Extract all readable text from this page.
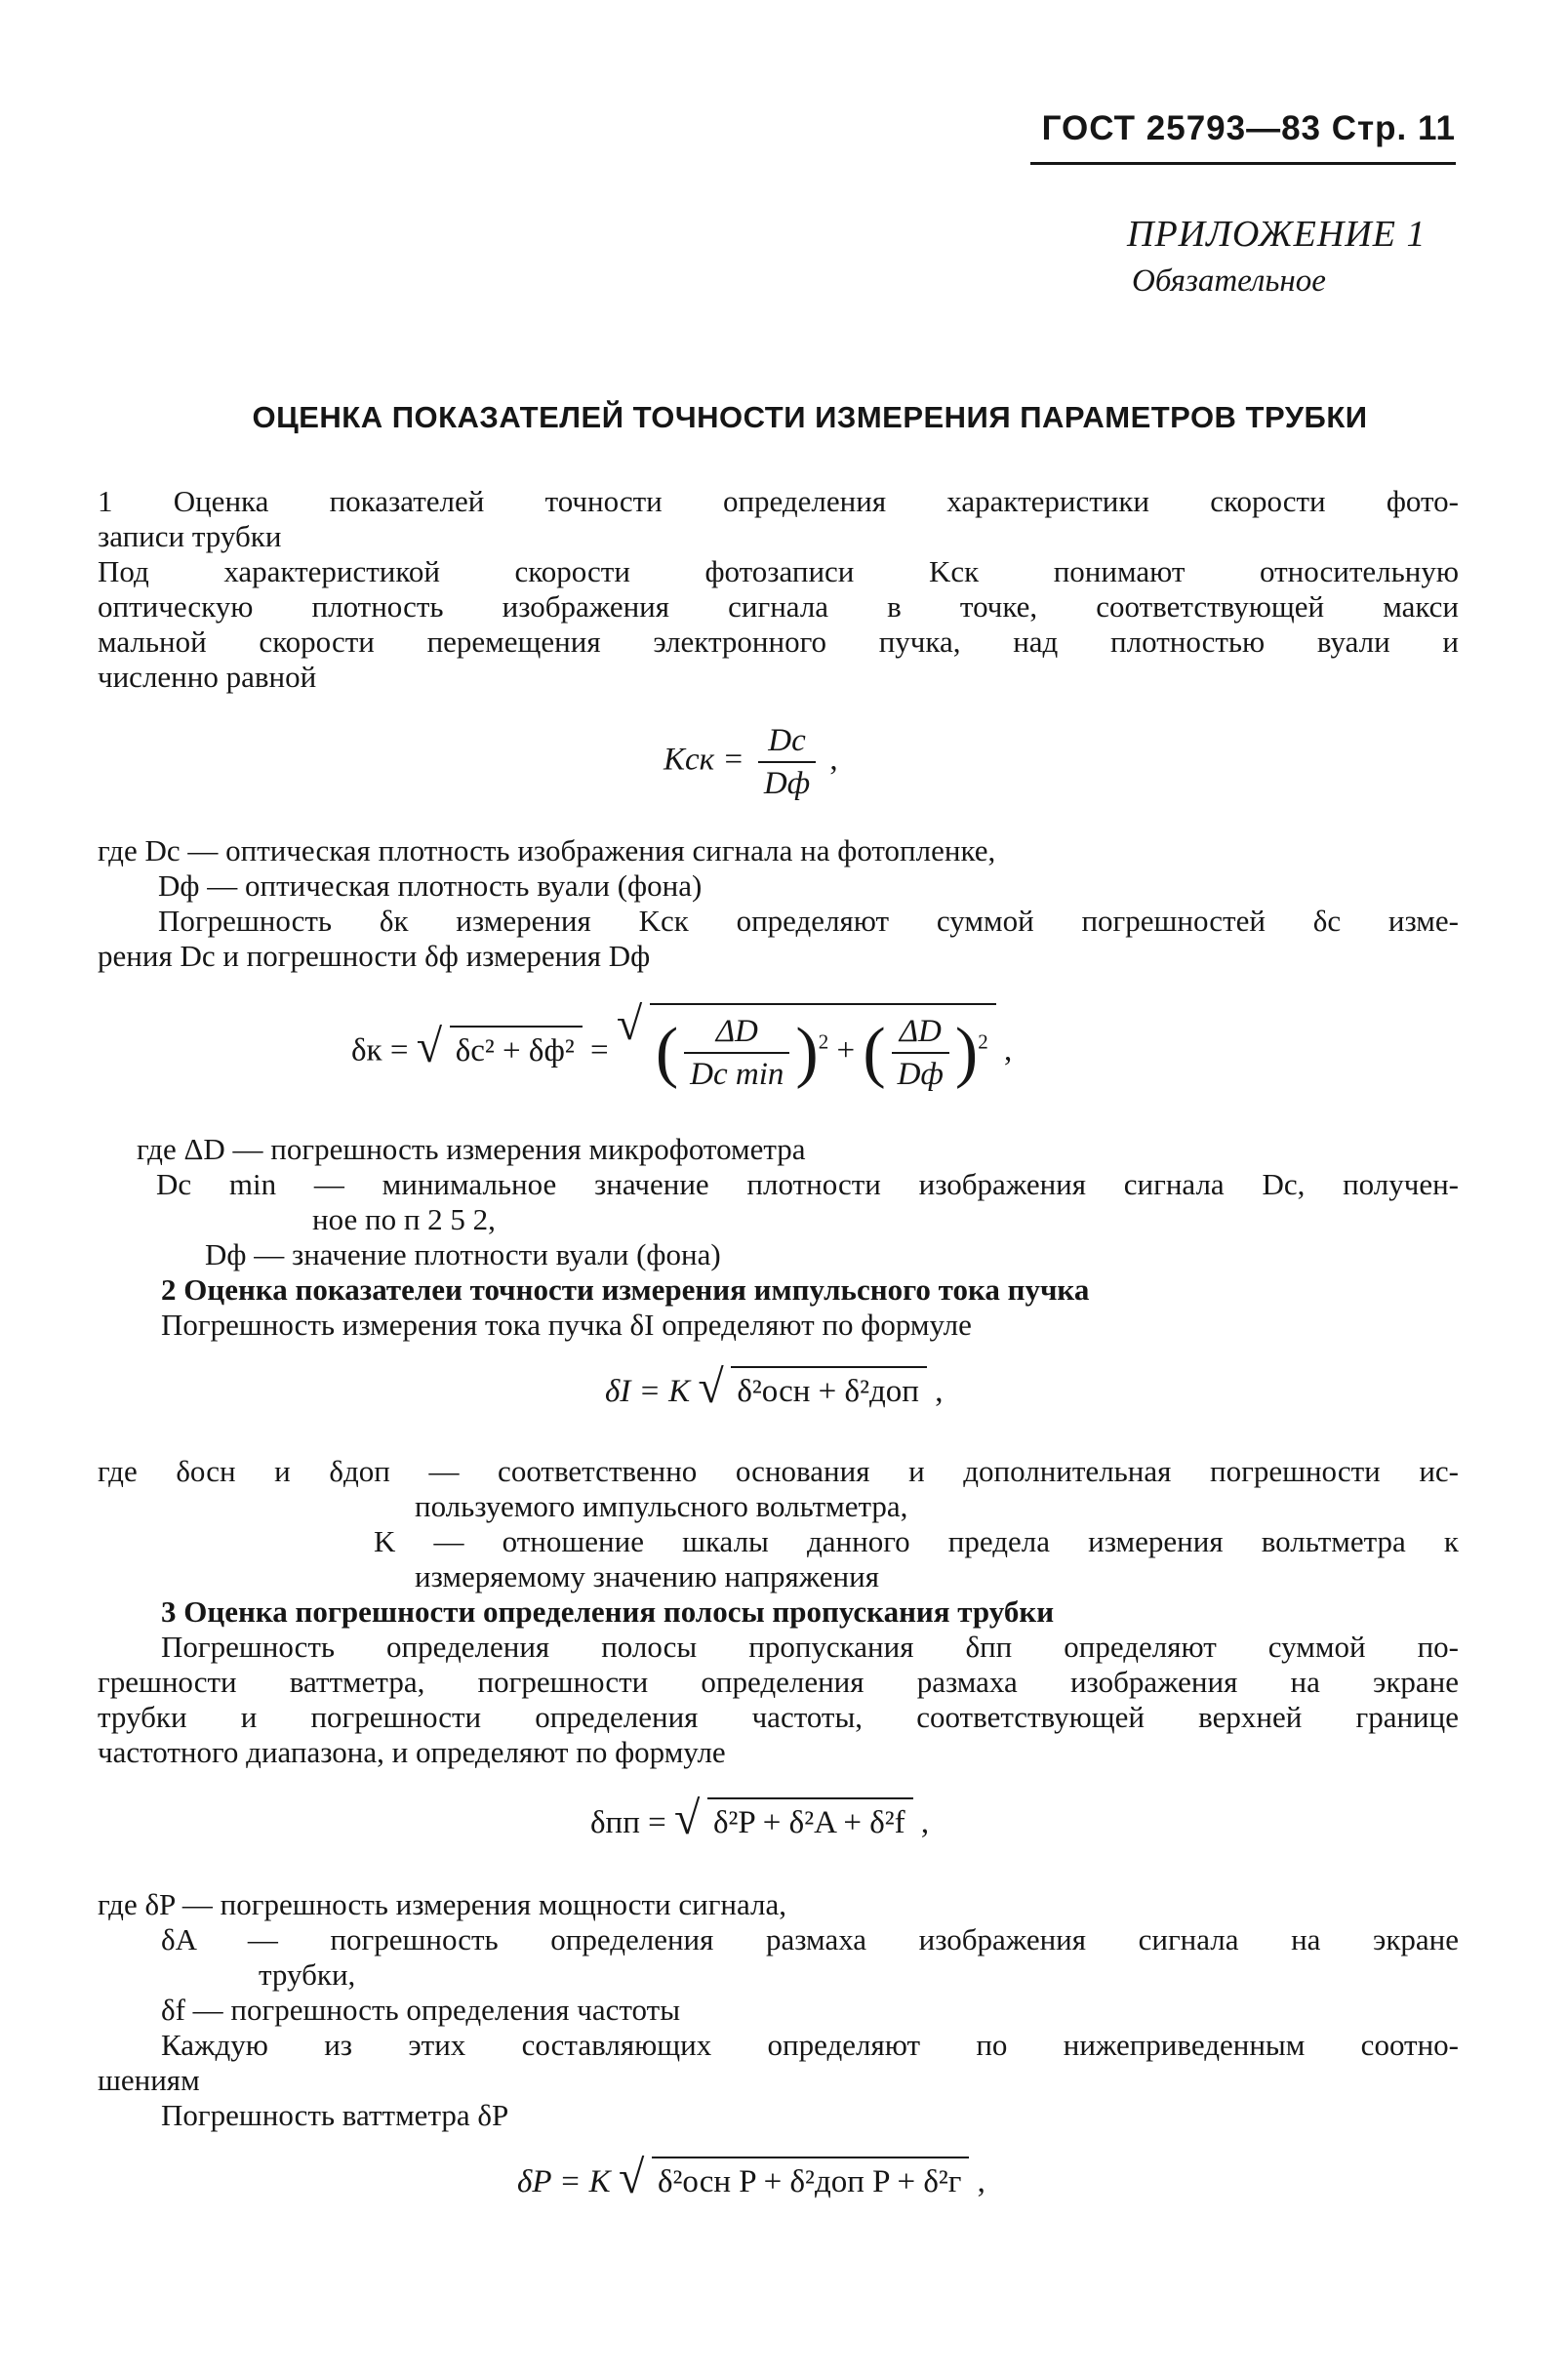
ГОСТ 25793—83 Стр. 11
ПРИЛОЖЕНИЕ 1
Обязательное
ОЦЕНКА ПОКАЗАТЕЛЕЙ ТОЧНОСТИ ИЗМЕРЕНИЯ ПАРАМЕТРОВ ТРУБКИ
1 Оценка показателей точности определения характеристики скорости фото-
записи трубки
Под характеристикой скорости фотозаписи Kск понимают относительную
оптическую плотность изображения сигнала в точке, соответствующей макси
мальной скорости перемещения электронного пучка, над плотностью вуали и
численно равной
Kск = $\frac{Dс}{Dф}$ ,
где Dс — оптическая плотность изображения сигнала на фотопленке,
Dф — оптическая плотность вуали (фона)
Погрешность δк измерения Kск определяют суммой погрешностей δс изме-
рения Dс и погрешности δф измерения Dф
δк = √ δс² + δф² =
√ ( $\frac{\Delta D}{\text{Dc min}} )^2$ + ( $\frac{\Delta D}{Dф} )^2$ ,
где ΔD — погрешность измерения микрофотометра
Dc min — минимальное значение плотности изображения сигнала Dс, получен-
ное по п 2 5 2,
Dф — значение плотности вуали (фона)
2 Оценка показателеи точности измерения импульсного тока пучка
Погрешность измерения тока пучка δI определяют по формуле
δI = K √ δ²осн + δ²доп ,
где δосн и δдоп — соответственно основания и дополнительная погрешности ис-
пользуемого импульсного вольтметра,
K — отношение шкалы данного предела измерения вольтметра к
измеряемому значению напряжения
3 Оценка погрешности определения полосы пропускания трубки
Погрешность определения полосы пропускания δпп определяют суммой по-
грешности ваттметра, погрешности определения размаха изображения на экране
трубки и погрешности определения частоты, соответствующей верхней границе
частотного диапазона, и определяют по формуле
δпп = √ δ²P + δ²A + δ²f ,
где δP — погрешность измерения мощности сигнала,
δA — погрешность определения размаха изображения сигнала на экране
трубки,
δf — погрешность определения частоты
Каждую из этих составляющих определяют по нижеприведенным соотно-
шениям
Погрешность ваттметра δP
δP = K √ δ²осн P + δ²доп P + δ²г ,
